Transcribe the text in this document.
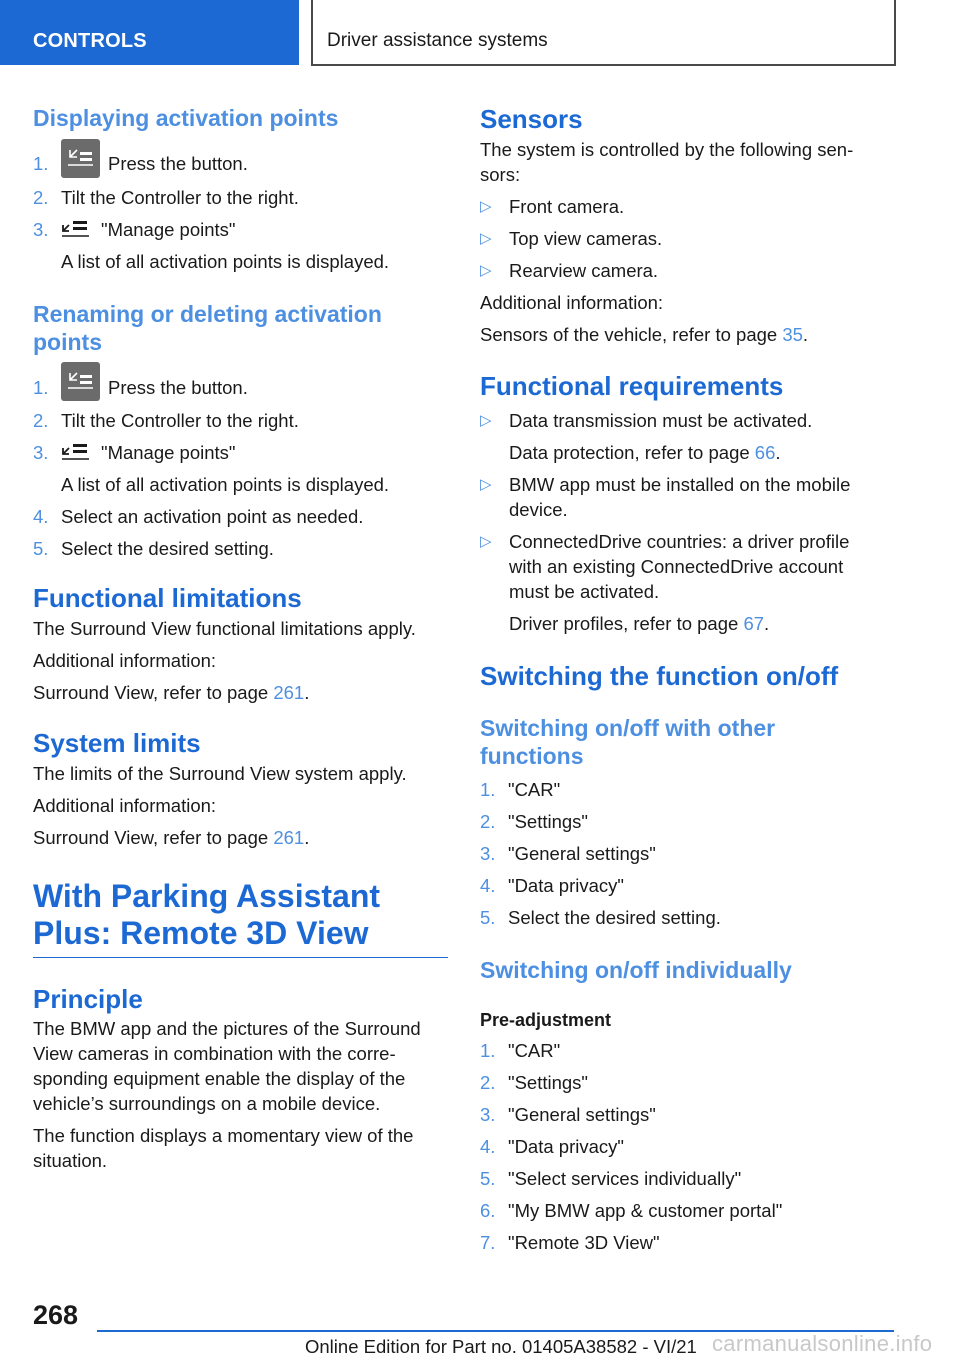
CONTROLS	Driver assistance systems
Displaying activation points
1.	Press the button.
2. Tilt the Controller to the right.
3.	"Manage points"
A list of all activation points is displayed.
Renaming or deleting activation
points
1.	Press the button.
2. Tilt the Controller to the right.
3.	"Manage points"
A list of all activation points is displayed.
4. Select an activation point as needed.
5. Select the desired setting.
Functional limitations

The Surround View functional limitations apply.

Additional information:

Surround View, refer to page 261.

System limits

The limits of the Surround View system apply.

Additional information:

Surround View, refer to page 261.

With Parking Assistant
Plus: Remote 3D View
Principle

The BMW app and the pictures of the Surround
View cameras in combination with the corre‐
sponding equipment enable the display of the
vehicle’s surroundings on a mobile device.

The function displays a momentary view of the
situation.

Sensors

The system is controlled by the following sen‐
sors:

▷ Front camera.
▷ Top view cameras.
▷ Rearview camera.

Additional information:

Sensors of the vehicle, refer to page 35.

Functional requirements
▷ Data transmission must be activated.
Data protection, refer to page 66.
▷ BMW app must be installed on the mobile
device.
▷ ConnectedDrive countries: a driver profile
with an existing ConnectedDrive account
must be activated.
Driver profiles, refer to page 67.
Switching the function on/off
Switching on/off with other
functions
1. "CAR"
2. "Settings"
3. "General settings"
4. "Data privacy"
5. Select the desired setting.
Switching on/off individually
Pre-adjustment
1. "CAR"
2. "Settings"
3. "General settings"
4. "Data privacy"
5. "Select services individually"
6. "My BMW app & customer portal"
7. "Remote 3D View"
268
Online Edition for Part no. 01405A38582 - VI/21 carmanualsonline.info
